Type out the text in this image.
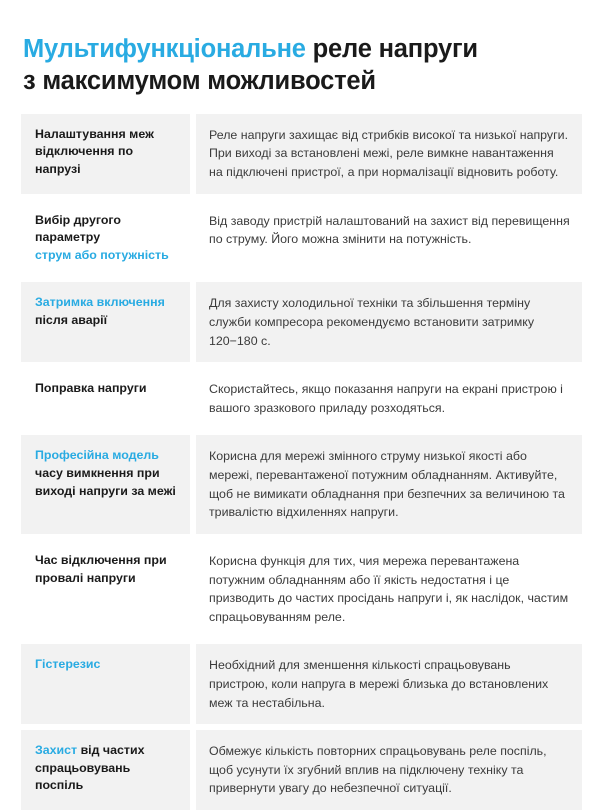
Мультифункціональне реле напруги
з максимумом можливостей
Налаштування меж відключення по напрузі
Реле напруги захищає від стрибків високої та низької напруги. При виході за встановлені межі, реле вимкне навантаження на підключені пристрої, а при нормалізації відновить роботу.
Вибір другого параметру
струм або потужність
Від заводу пристрій налаштований на захист від перевищення по струму. Його можна змінити на потужність.
Затримка включення після аварії
Для захисту холодильної техніки та збільшення терміну служби компресора рекомендуємо встановити затримку 120−180 с.
Поправка напруги	Скористайтесь, якщо показання напруги на екрані пристрою і вашого зразкового приладу розходяться.
Професійна модель часу вимкнення при виході напруги за межі
Корисна для мережі змінного струму низької якості або мережі, перевантаженої потужним обладнанням. Активуйте, щоб не вимикати обладнання при безпечних за величиною та тривалістю відхиленнях напруги.
Час відключення при провалі напруги
Корисна функція для тих, чия мережа перевантажена потужним обладнанням або її якість недостатня і це призводить до частих просідань напруги і, як наслідок, частим спрацьовуванням реле.
Гістерезис	Необхідний для зменшення кількості спрацьовувань пристрою, коли напруга в мережі близька до встановлених меж та нестабільна.
Захист від частих спрацьовувань поспіль
Обмежує кількість повторних спрацьовувань реле поспіль, щоб усунути їх згубний вплив на підключену техніку та привернути увагу до небезпечної ситуації.
